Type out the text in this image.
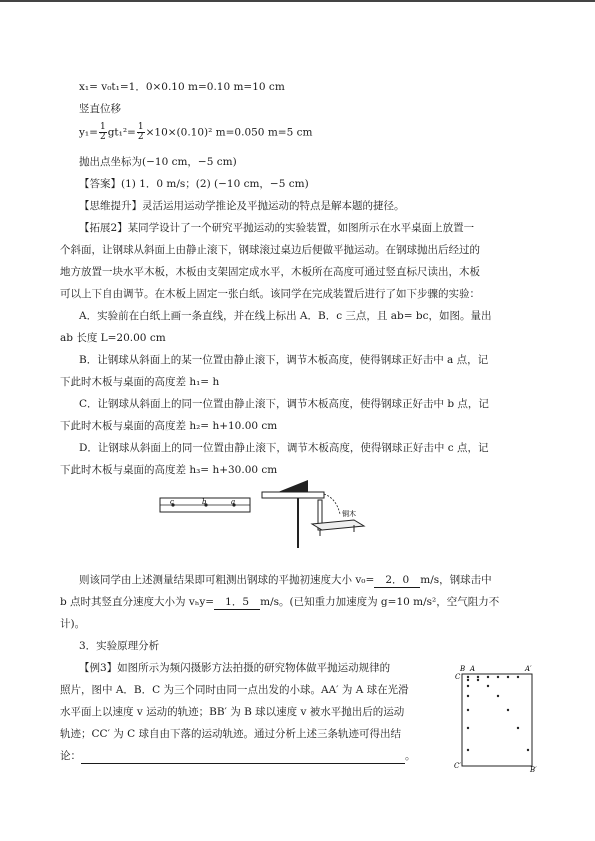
x₁= v₀t₁=1．0×0.10 m=0.10 m=10 cm
竖直位移
$y_1= \frac{1}{2} gt_1^2= \frac{1}{2} \times 10\times(0.10)^2$ m=0.050 m=5 cm
抛出点坐标为(−10 cm，−5 cm)
【答案】(1) 1．0 m/s；(2) (−10 cm，−5 cm)
【思维提升】灵活运用运动学推论及平抛运动的特点是解本题的捷径。
【拓展2】某同学设计了一个研究平抛运动的实验装置，如图所示在水平桌面上放置一
个斜面，让钢球从斜面上由静止滚下，钢球滚过桌边后便做平抛运动。在钢球抛出后经过的
地方放置一块水平木板，木板由支架固定成水平，木板所在高度可通过竖直标尺读出，木板
可以上下自由调节。在木板上固定一张白纸。该同学在完成装置后进行了如下步骤的实验：
A．实验前在白纸上画一条直线，并在线上标出 A．B．c 三点，且 ab= bc，如图。量出
ab 长度 L=20.00 cm
B．让钢球从斜面上的某一位置由静止滚下，调节木板高度，使得钢球正好击中 a 点，记
下此时木板与桌面的高度差 h₁= h
C．让钢球从斜面上的同一位置由静止滚下，调节木板高度，使得钢球正好击中 b 点，记
下此时木板与桌面的高度差 h₂= h+10.00 cm
D．让钢球从斜面上的同一位置由静止滚下，调节木板高度，使得钢球正好击中 c 点，记
下此时木板与桌面的高度差 h₃= h+30.00 cm
c	b	a
铜木
则该同学由上述测量结果即可粗测出钢球的平抛初速度大小 v₀= 2．0 m/s，钢球击中
b 点时其竖直分速度大小为 vₕy= 1．5 m/s。(已知重力加速度为 g=10 m/s²，空气阻力不
计)。
3．实验原理分析
【例3】如图所示为频闪摄影方法拍摄的研究物体做平抛运动规律的
照片，图中 A．B．C 为三个同时由同一点出发的小球。AA′ 为 A 球在光滑
水平面上以速度 v 运动的轨迹；BB′ 为 B 球以速度 v 被水平抛出后的运动
轨迹；CC′ 为 C 球自由下落的运动轨迹。通过分析上述三条轨迹可得出结
论：	。
B A	A′
C
C′	B′
